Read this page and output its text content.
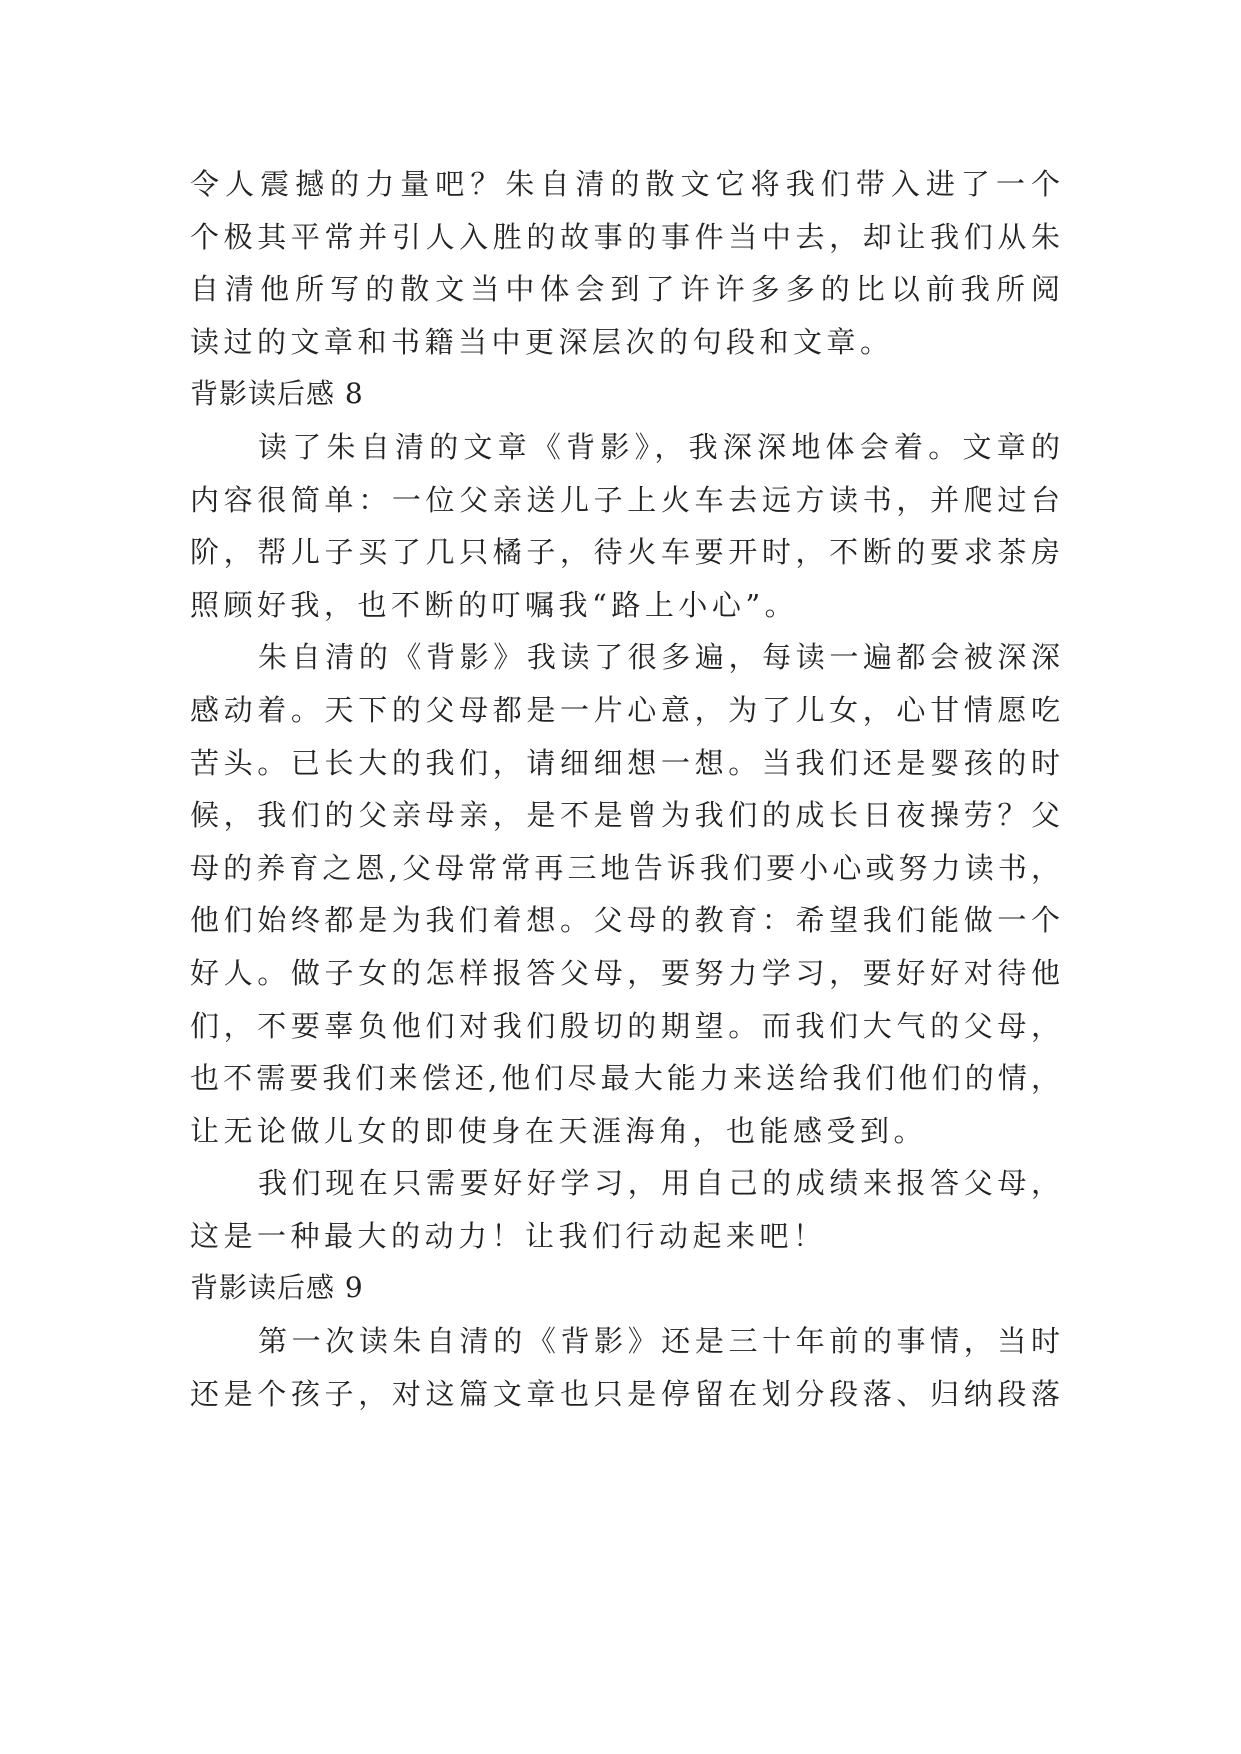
令人震撼的力量吧？朱自清的散文它将我们带入进了一个
个极其平常并引人入胜的故事的事件当中去，却让我们从朱
自清他所写的散文当中体会到了许许多多的比以前我所阅
读过的文章和书籍当中更深层次的句段和文章。
背影读后感 8
读了朱自清的文章《背影》，我深深地体会着。文章的
内容很简单：一位父亲送儿子上火车去远方读书，并爬过台
阶，帮儿子买了几只橘子，待火车要开时，不断的要求茶房
照顾好我，也不断的叮嘱我“路上小心”。
朱自清的《背影》我读了很多遍，每读一遍都会被深深
感动着。天下的父母都是一片心意，为了儿女，心甘情愿吃
苦头。已长大的我们，请细细想一想。当我们还是婴孩的时
候，我们的父亲母亲，是不是曾为我们的成长日夜操劳？父
母的养育之恩,父母常常再三地告诉我们要小心或努力读书，
他们始终都是为我们着想。父母的教育：希望我们能做一个
好人。做子女的怎样报答父母，要努力学习，要好好对待他
们，不要辜负他们对我们殷切的期望。而我们大气的父母，
也不需要我们来偿还,他们尽最大能力来送给我们他们的情，
让无论做儿女的即使身在天涯海角，也能感受到。
我们现在只需要好好学习，用自己的成绩来报答父母，
这是一种最大的动力！让我们行动起来吧！
背影读后感 9
第一次读朱自清的《背影》还是三十年前的事情，当时
还是个孩子，对这篇文章也只是停留在划分段落、归纳段落
